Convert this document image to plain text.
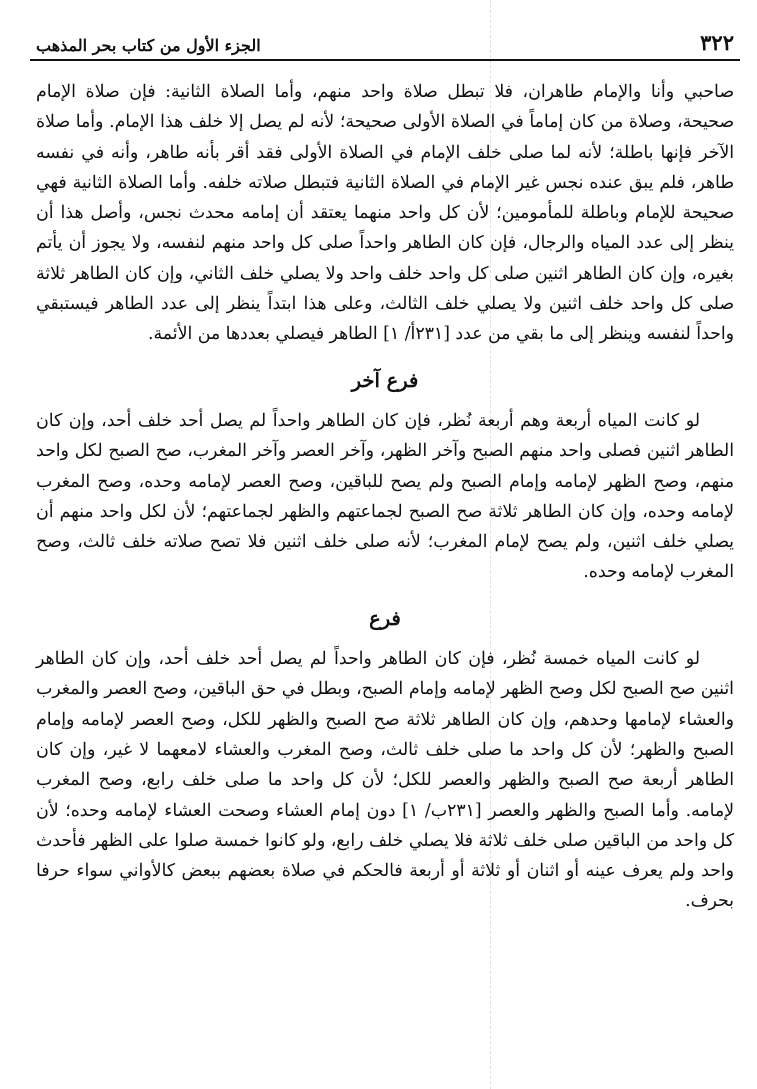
٣٢٢
الجزء الأول من كتاب بحر المذهب

صاحبي وأنا والإمام طاهران، فلا تبطل صلاة واحد منهم، وأما الصلاة الثانية: فإن صلاة الإمام صحيحة، وصلاة من كان إماماً في الصلاة الأولى صحيحة؛ لأنه لم يصل إلا خلف هذا الإمام. وأما صلاة الآخر فإنها باطلة؛ لأنه لما صلى خلف الإمام في الصلاة الأولى فقد أقر بأنه طاهر، وأنه في نفسه طاهر، فلم يبق عنده نجس غير الإمام في الصلاة الثانية فتبطل صلاته خلفه. وأما الصلاة الثانية فهي صحيحة للإمام وباطلة للمأمومين؛ لأن كل واحد منهما يعتقد أن إمامه محدث نجس، وأصل هذا أن ينظر إلى عدد المياه والرجال، فإن كان الطاهر واحداً صلى كل واحد منهم لنفسه، ولا يجوز أن يأتم بغيره، وإن كان الطاهر اثنين صلى كل واحد خلف واحد ولا يصلي خلف الثاني، وإن كان الطاهر ثلاثة صلى كل واحد خلف اثنين ولا يصلي خلف الثالث، وعلى هذا ابتداً ينظر إلى عدد الطاهر فيستبقي واحداً لنفسه وينظر إلى ما بقي من عدد [٢٣١أ/ ١] الطاهر فيصلي بعددها من الأئمة.

فرع آخر

لو كانت المياه أربعة وهم أربعة نُظر، فإن كان الطاهر واحداً لم يصل أحد خلف أحد، وإن كان الطاهر اثنين فصلى واحد منهم الصبح وآخر الظهر، وآخر العصر وآخر المغرب، صح الصبح لكل واحد منهم، وصح الظهر لإمامه وإمام الصبح ولم يصح للباقين، وصح العصر لإمامه وحده، وصح المغرب لإمامه وحده، وإن كان الطاهر ثلاثة صح الصبح لجماعتهم والظهر لجماعتهم؛ لأن لكل واحد منهم أن يصلي خلف اثنين، ولم يصح لإمام المغرب؛ لأنه صلى خلف اثنين فلا تصح صلاته خلف ثالث، وصح المغرب لإمامه وحده.

فرع

لو كانت المياه خمسة نُظر، فإن كان الطاهر واحداً لم يصل أحد خلف أحد، وإن كان الطاهر اثنين صح الصبح لكل وصح الظهر لإمامه وإمام الصبح، وبطل في حق الباقين، وصح العصر والمغرب والعشاء لإمامها وحدهم، وإن كان الطاهر ثلاثة صح الصبح والظهر للكل، وصح العصر لإمامه وإمام الصبح والظهر؛ لأن كل واحد ما صلى خلف ثالث، وصح المغرب والعشاء لامعهما لا غير، وإن كان الطاهر أربعة صح الصبح والظهر والعصر للكل؛ لأن كل واحد ما صلى خلف رابع، وصح المغرب لإمامه. وأما الصبح والظهر والعصر [٢٣١ب/ ١] دون إمام العشاء وصحت العشاء لإمامه وحده؛ لأن كل واحد من الباقين صلى خلف ثلاثة فلا يصلي خلف رابع، ولو كانوا خمسة صلوا على الظهر فأحدث واحد ولم يعرف عينه أو اثنان أو ثلاثة أو أربعة فالحكم في صلاة بعضهم ببعض كالأواني سواء حرفا بحرف.
